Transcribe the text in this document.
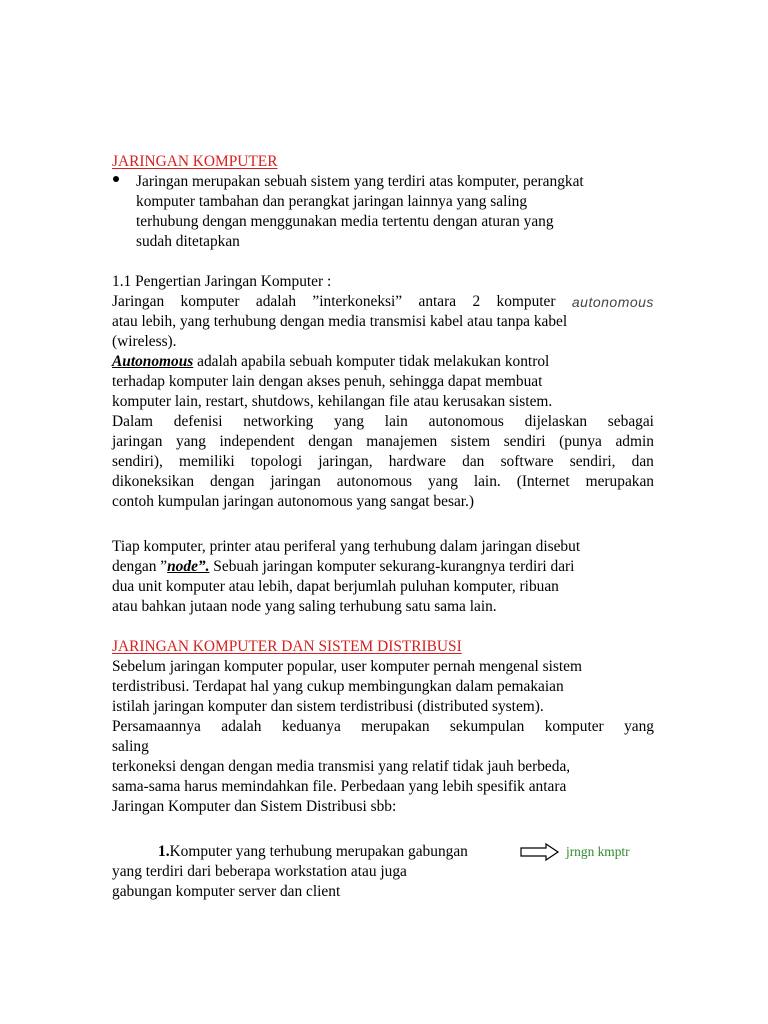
JARINGAN KOMPUTER
Jaringan merupakan sebuah sistem yang terdiri atas komputer, perangkat
komputer tambahan dan perangkat jaringan lainnya yang saling
terhubung dengan menggunakan media tertentu dengan aturan yang
sudah ditetapkan
1.1 Pengertian Jaringan Komputer :
Jaringan komputer adalah ”interkoneksi” antara 2 komputer autonomous
atau lebih, yang terhubung dengan media transmisi kabel atau tanpa kabel
(wireless).
Autonomous adalah apabila sebuah komputer tidak melakukan kontrol
terhadap komputer lain dengan akses penuh, sehingga dapat membuat
komputer lain, restart, shutdows, kehilangan file atau kerusakan sistem.
Dalam defenisi networking yang lain autonomous dijelaskan sebagai
jaringan yang independent dengan manajemen sistem sendiri (punya admin
sendiri), memiliki topologi jaringan, hardware dan software sendiri, dan
dikoneksikan dengan jaringan autonomous yang lain. (Internet merupakan
contoh kumpulan jaringan autonomous yang sangat besar.)
Tiap komputer, printer atau periferal yang terhubung dalam jaringan disebut
dengan ”node”. Sebuah jaringan komputer sekurang-kurangnya terdiri dari
dua unit komputer atau lebih, dapat berjumlah puluhan komputer, ribuan
atau bahkan jutaan node yang saling terhubung satu sama lain.
JARINGAN KOMPUTER DAN SISTEM DISTRIBUSI
Sebelum jaringan komputer popular, user komputer pernah mengenal sistem
terdistribusi. Terdapat hal yang cukup membingungkan dalam pemakaian
istilah jaringan komputer dan sistem terdistribusi (distributed system).
Persamaannya adalah keduanya merupakan sekumpulan komputer yang
saling
terkoneksi dengan dengan media transmisi yang relatif tidak jauh berbeda,
sama-sama harus memindahkan file. Perbedaan yang lebih spesifik antara
Jaringan Komputer dan Sistem Distribusi sbb:
1.Komputer yang terhubung merupakan gabungan	jrngn kmptr
yang terdiri dari beberapa workstation atau juga
gabungan komputer server dan client
